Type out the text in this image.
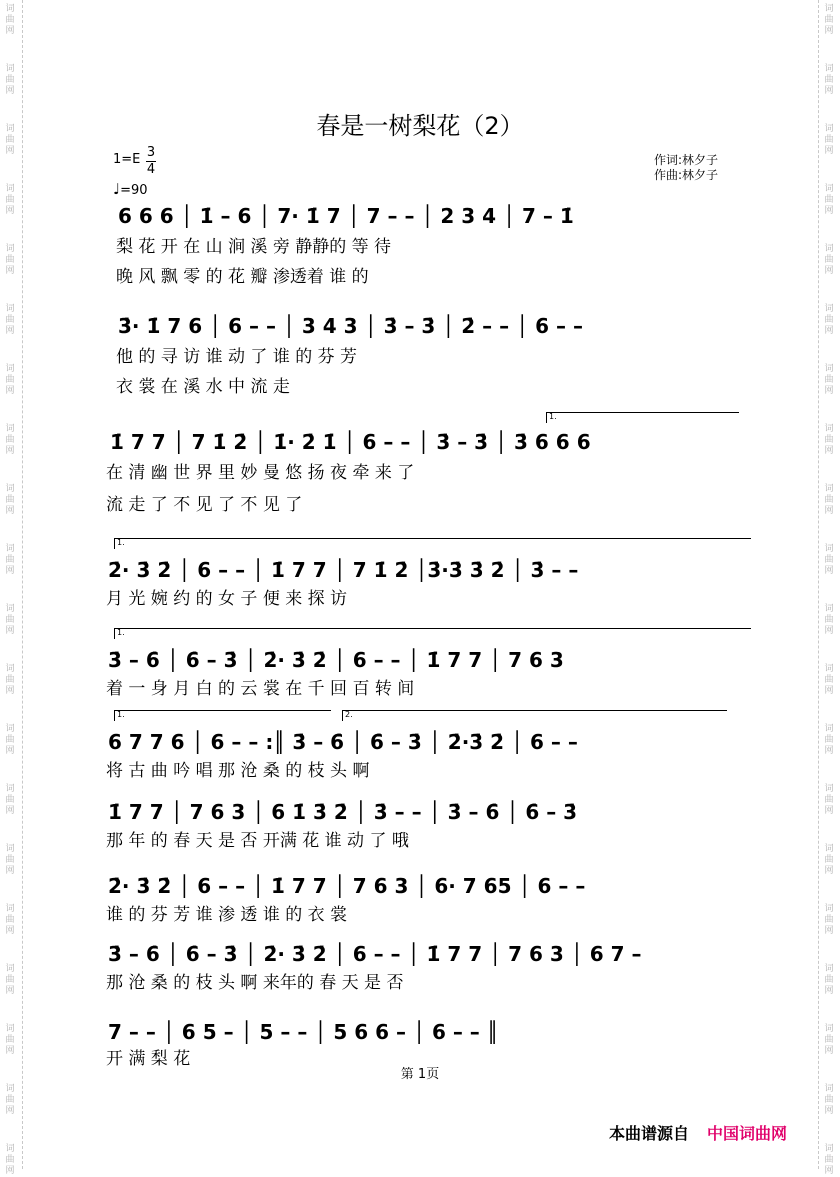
词
曲
网
词
曲
网
词
曲
网
词
曲
网
词
曲
网
词
曲
网
词
曲
网
词
曲
网
词
曲
网
词
曲
网
词
曲
网
词
曲
网
词
曲
网
词
曲
网
词
曲
网
词
曲
网
词
曲
网
词
曲
网
词
曲
网
词
曲
网
词
曲
网
词
曲
网
词
曲
网
词
曲
网
词
曲
网
词
曲
网
词
曲
网
词
曲
网
词
曲
网
词
曲
网
词
曲
网
词
曲
网
词
曲
网
词
曲
网
词
曲
网
词
曲
网
词
曲
网
词
曲
网
词
曲
网
词
曲
网
春是一树梨花（2）
1=E 3
4
♩=90
作词:林夕子
作曲:林夕子
6 6 6 │ 1̇ – 6 │ 7· 1̇ 7 │ 7 – – │ 2 3 4 │ 7 – 1̇
梨 花 开 在 山 涧 溪 旁 静静的 等 待
晚 风 飘 零 的 花 瓣 渗透着 谁 的
3̇· 1̇ 7 6 │ 6 – – │ 3 4 3 │ 3̇ – 3̇ │ 2̇ – – │ 6 – –
他 的 寻 访 谁 动 了 谁 的 芬 芳
衣 裳 在 溪 水 中 流 走
1.
1̇ 7 7 │ 7 1̇ 2̇ │ 1̇· 2̇ 1̇ │ 6 – – │ 3̇ – 3̇ │ 3̇ 6 6 6
在 清 幽 世 界 里 妙 曼 悠 扬 夜 牵 来 了
流 走 了 不 见 了 不 见 了
1.
2̇· 3̇ 2̇ │ 6 – – │ 1̇ 7 7 │ 7 1̇ 2̇ │3̇·3̇ 3̇ 2̇ │ 3̇ – –
月 光 婉 约 的 女 子 便 来 探 访
1.
3̇ – 6̇ │ 6̇ – 3̇ │ 2̇· 3̇ 2̇ │ 6 – – │ 1̇ 7 7 │ 7 6 3
着 一 身 月 白 的 云 裳 在 千 回 百 转 间
1.	2.
6 7 7 6 │ 6 – – :║ 3̇ – 6̇ │ 6̇ – 3̇ │ 2̇·3̇ 2̇ │ 6 – –
将 古 曲 吟 唱 那 沧 桑 的 枝 头 啊
1̇ 7 7 │ 7 6 3 │ 6 1̇ 3̇ 2̇ │ 3̇ – – │ 3̇ – 6̇ │ 6̇ – 3̇
那 年 的 春 天 是 否 开满 花 谁 动 了 哦
2̇· 3̇ 2̇ │ 6 – – │ 1̇ 7 7 │ 7 6 3 │ 6· 7 65 │ 6 – –
谁 的 芬 芳 谁 渗 透 谁 的 衣 裳
3̇ – 6̇ │ 6̇ – 3̇ │ 2̇· 3̇ 2̇ │ 6 – – │ 1̇ 7 7 │ 7 6 3 │ 6 7 –
那 沧 桑 的 枝 头 啊 来年的 春 天 是 否
7 – – │ 6 5 – │ 5 – – │ 5 6 6 – │ 6 – – ║
开 满 梨 花
第 1页
本曲谱源自 中国词曲网
